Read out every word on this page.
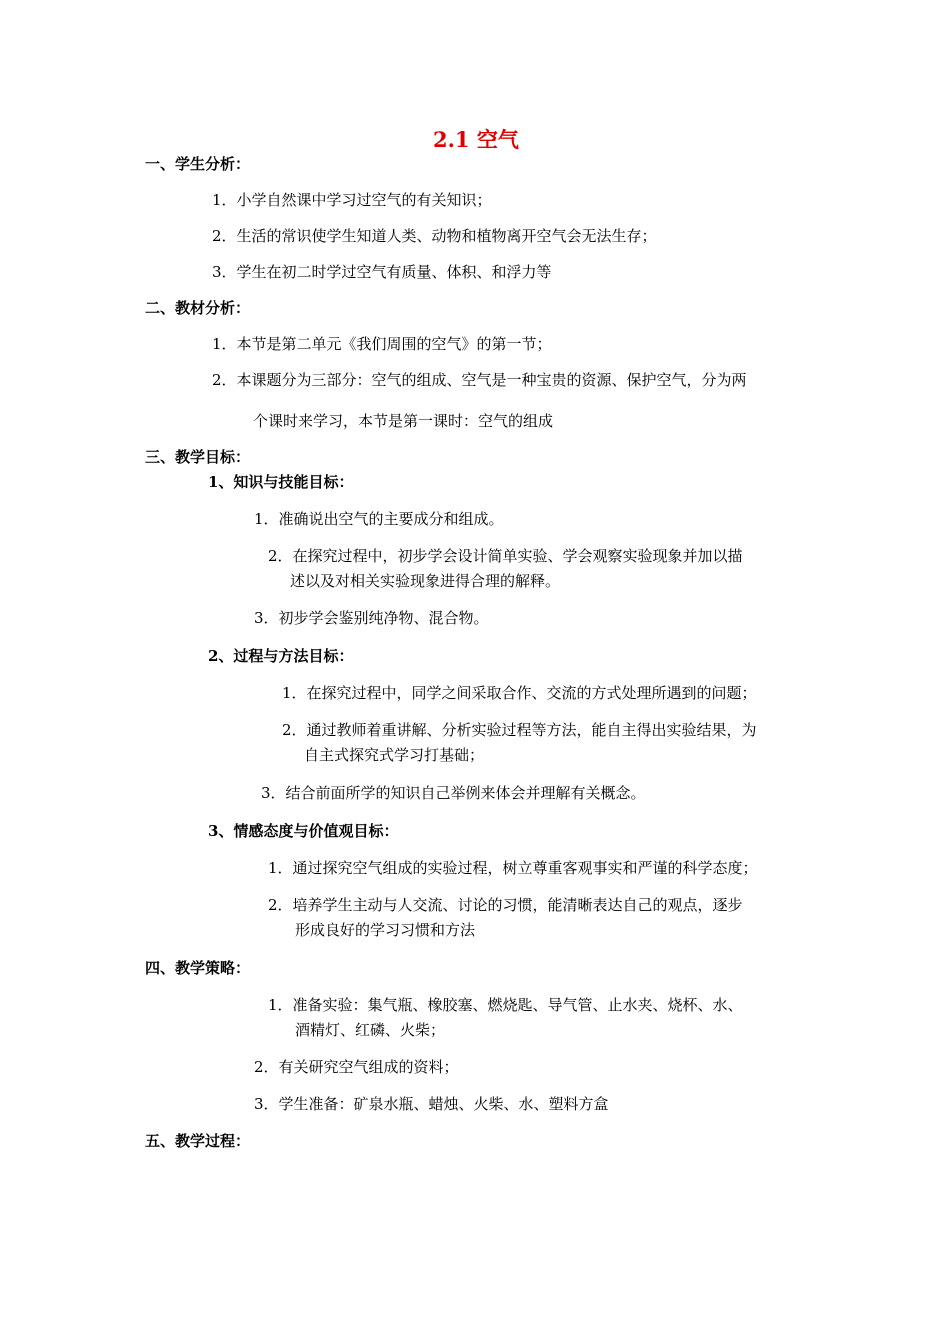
2.1 空气
一、学生分析：
1．小学自然课中学习过空气的有关知识；
2．生活的常识使学生知道人类、动物和植物离开空气会无法生存；
3．学生在初二时学过空气有质量、体积、和浮力等
二、教材分析：
1．本节是第二单元《我们周围的空气》的第一节；
2．本课题分为三部分：空气的组成、空气是一种宝贵的资源、保护空气，分为两
个课时来学习，本节是第一课时：空气的组成
三、教学目标：
1、知识与技能目标：
1．准确说出空气的主要成分和组成。
2．在探究过程中，初步学会设计简单实验、学会观察实验现象并加以描
述以及对相关实验现象进得合理的解释。
3．初步学会鉴别纯净物、混合物。
2、过程与方法目标：
1．在探究过程中，同学之间采取合作、交流的方式处理所遇到的问题；
2．通过教师着重讲解、分析实验过程等方法，能自主得出实验结果，为
自主式探究式学习打基础；
3．结合前面所学的知识自己举例来体会并理解有关概念。
3、情感态度与价值观目标：
1．通过探究空气组成的实验过程，树立尊重客观事实和严谨的科学态度；
2．培养学生主动与人交流、讨论的习惯，能清晰表达自己的观点，逐步
形成良好的学习习惯和方法
四、教学策略：
1．准备实验：集气瓶、橡胶塞、燃烧匙、导气管、止水夹、烧杯、水、
酒精灯、红磷、火柴；
2．有关研究空气组成的资料；
3．学生准备：矿泉水瓶、蜡烛、火柴、水、塑料方盒
五、教学过程：
